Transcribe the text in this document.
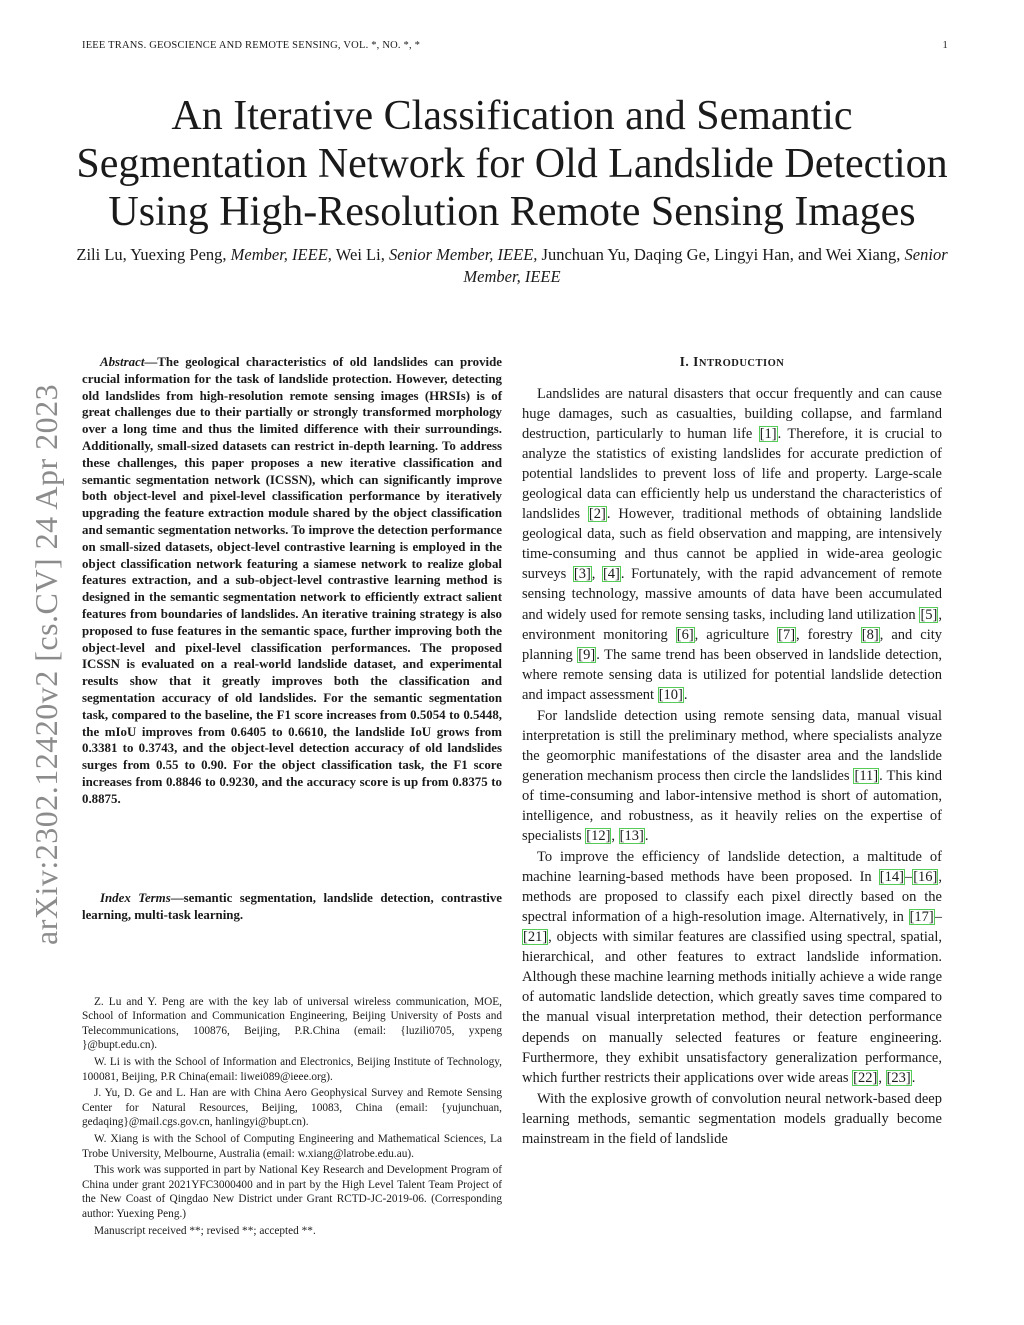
IEEE TRANS. GEOSCIENCE AND REMOTE SENSING, VOL. *, NO. *, *	1
An Iterative Classification and Semantic Segmentation Network for Old Landslide Detection Using High-Resolution Remote Sensing Images
Zili Lu, Yuexing Peng, Member, IEEE, Wei Li, Senior Member, IEEE, Junchuan Yu, Daqing Ge, Lingyi Han, and Wei Xiang, Senior Member, IEEE
arXiv:2302.12420v2 [cs.CV] 24 Apr 2023

Abstract—The geological characteristics of old landslides can provide crucial information for the task of landslide protection. However, detecting old landslides from high-resolution remote sensing images (HRSIs) is of great challenges due to their partially or strongly transformed morphology over a long time and thus the limited difference with their surroundings. Additionally, small-sized datasets can restrict in-depth learning. To address these challenges, this paper proposes a new iterative classification and semantic segmentation network (ICSSN), which can significantly improve both object-level and pixel-level classification performance by iteratively upgrading the feature extraction module shared by the object classification and semantic segmentation networks. To improve the detection performance on small-sized datasets, object-level contrastive learning is employed in the object classification network featuring a siamese network to realize global features extraction, and a sub-object-level contrastive learning method is designed in the semantic segmentation network to efficiently extract salient features from boundaries of landslides. An iterative training strategy is also proposed to fuse features in the semantic space, further improving both the object-level and pixel-level classification performances. The proposed ICSSN is evaluated on a real-world landslide dataset, and experimental results show that it greatly improves both the classification and segmentation accuracy of old landslides. For the semantic segmentation task, compared to the baseline, the F1 score increases from 0.5054 to 0.5448, the mIoU improves from 0.6405 to 0.6610, the landslide IoU grows from 0.3381 to 0.3743, and the object-level detection accuracy of old landslides surges from 0.55 to 0.90. For the object classification task, the F1 score increases from 0.8846 to 0.9230, and the accuracy score is up from 0.8375 to 0.8875.

Index Terms—semantic segmentation, landslide detection, contrastive learning, multi-task learning.

Z. Lu and Y. Peng are with the key lab of universal wireless communication, MOE, School of Information and Communication Engineering, Beijing University of Posts and Telecommunications, 100876, Beijing, P.R.China (email: {luzili0705, yxpeng }@bupt.edu.cn).

W. Li is with the School of Information and Electronics, Beijing Institute of Technology, 100081, Beijing, P.R China(email: liwei089@ieee.org).

J. Yu, D. Ge and L. Han are with China Aero Geophysical Survey and Remote Sensing Center for Natural Resources, Beijing, 10083, China (email: {yujunchuan, gedaqing}@mail.cgs.gov.cn, hanlingyi@bupt.cn).

W. Xiang is with the School of Computing Engineering and Mathematical Sciences, La Trobe University, Melbourne, Australia (email: w.xiang@latrobe.edu.au).

This work was supported in part by National Key Research and Development Program of China under grant 2021YFC3000400 and in part by the High Level Talent Team Project of the New Coast of Qingdao New District under Grant RCTD-JC-2019-06. (Corresponding author: Yuexing Peng.)

Manuscript received **; revised **; accepted **.

I. INTRODUCTION

Landslides are natural disasters that occur frequently and can cause huge damages, such as casualties, building collapse, and farmland destruction, particularly to human life [1]. Therefore, it is crucial to analyze the statistics of existing landslides for accurate prediction of potential landslides to prevent loss of life and property. Large-scale geological data can efficiently help us understand the characteristics of landslides [2]. However, traditional methods of obtaining landslide geological data, such as field observation and mapping, are intensively time-consuming and thus cannot be applied in wide-area geologic surveys [3], [4]. Fortunately, with the rapid advancement of remote sensing technology, massive amounts of data have been accumulated and widely used for remote sensing tasks, including land utilization [5], environment monitoring [6], agriculture [7], forestry [8], and city planning [9]. The same trend has been observed in landslide detection, where remote sensing data is utilized for potential landslide detection and impact assessment [10].

For landslide detection using remote sensing data, manual visual interpretation is still the preliminary method, where specialists analyze the geomorphic manifestations of the disaster area and the landslide generation mechanism process then circle the landslides [11]. This kind of time-consuming and labor-intensive method is short of automation, intelligence, and robustness, as it heavily relies on the expertise of specialists [12], [13].

To improve the efficiency of landslide detection, a maltitude of machine learning-based methods have been proposed. In [14]–[16], methods are proposed to classify each pixel directly based on the spectral information of a high-resolution image. Alternatively, in [17]–[21], objects with similar features are classified using spectral, spatial, hierarchical, and other features to extract landslide information. Although these machine learning methods initially achieve a wide range of automatic landslide detection, which greatly saves time compared to the manual visual interpretation method, their detection performance depends on manually selected features or feature engineering. Furthermore, they exhibit unsatisfactory generalization performance, which further restricts their applications over wide areas [22], [23].

With the explosive growth of convolution neural network-based deep learning methods, semantic segmentation models gradually become mainstream in the field of landslide
